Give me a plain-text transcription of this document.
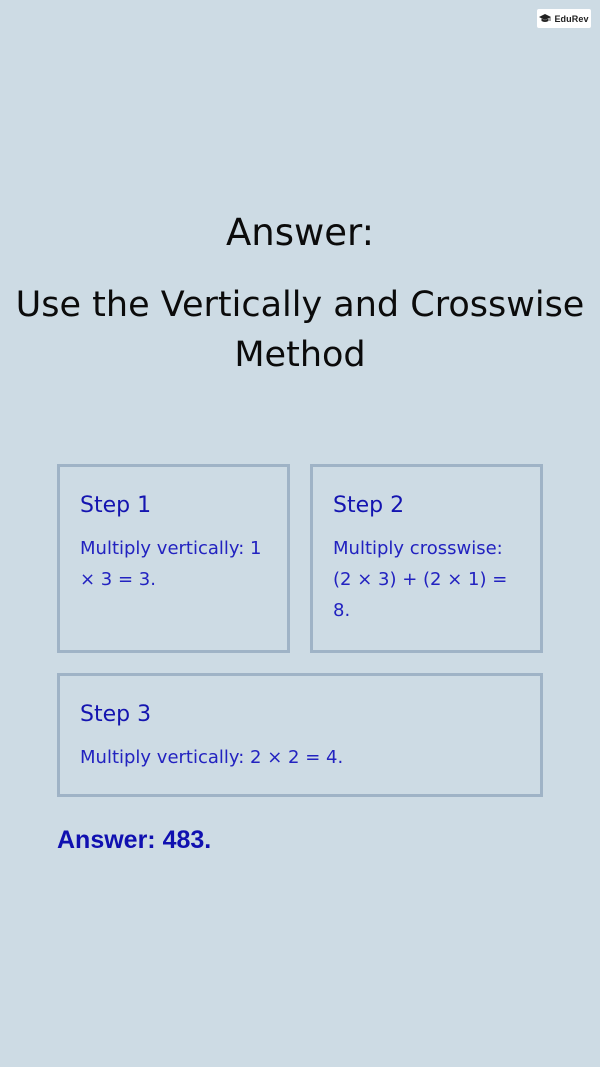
EduRev
Answer:
Use the Vertically and Crosswise Method
Step 1
Multiply vertically: 1 × 3 = 3.
Step 2
Multiply crosswise: (2 × 3) + (2 × 1) = 8.
Step 3
Multiply vertically: 2 × 2 = 4.
Answer: 483.
